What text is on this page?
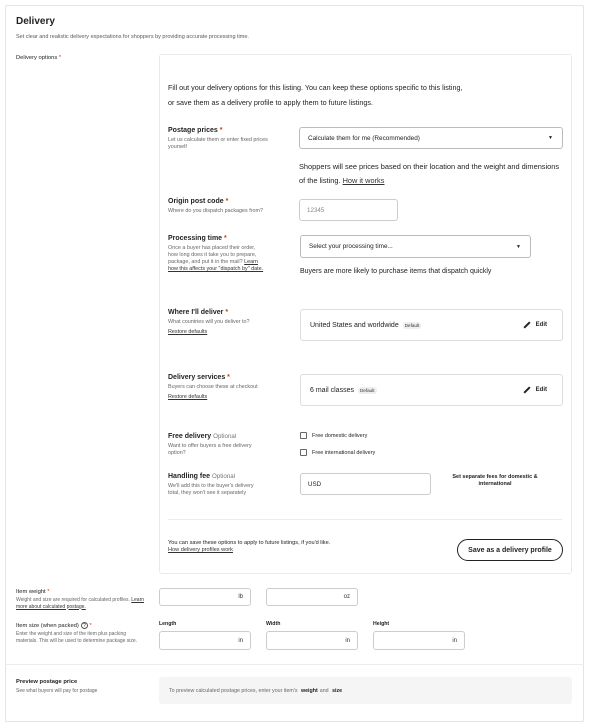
Delivery
Set clear and realistic delivery expectations for shoppers by providing accurate processing time.
Delivery options *
Fill out your delivery options for this listing. You can keep these options specific to this listing, or save them as a delivery profile to apply them to future listings.
Postage prices *
Let us calculate them or enter fixed prices yourself
Calculate them for me (Recommended)	▼
Shoppers will see prices based on their location and the weight and dimensions of the listing. How it works
Origin post code *
Where do you dispatch packages from?	12345
Processing time *
Once a buyer has placed their order, how long does it take you to prepare, package, and put it in the mail? Learn how this affects your "dispatch by" date.
Select your processing time...	▼
Buyers are more likely to purchase items that dispatch quickly
Where I'll deliver *
What countries will you deliver to?
Restore defaults
United States and worldwide	Default	Edit
Delivery services *
Buyers can choose these at checkout
Restore defaults
6 mail classes	Default	Edit
Free delivery Optional
Want to offer buyers a free delivery option?
Free domestic delivery
Free international delivery
Handling fee Optional
We'll add this to the buyer's delivery total, they won't see it separately
USD
Set separate fees for domestic & international
You can save these options to apply to future listings, if you'd like.
How delivery profiles work	Save as a delivery profile
Item weight *
Weight and size are required for calculated profiles. Learn more about calculated postage.
lb	oz
Item size (when packed) ? *
Enter the weight and size of the item plus packing materials. This will be used to determine package size.
Length	Width	Height
in	in	in
Preview postage price
See what buyers will pay for postage	To preview calculated postage prices, enter your item's
weight and
size
